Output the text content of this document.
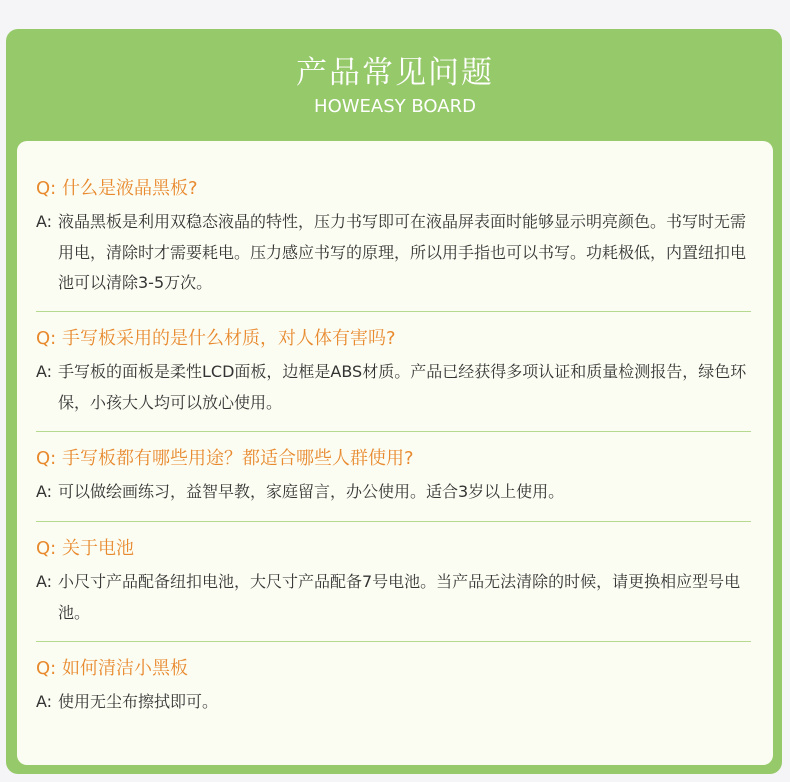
产品常见问题
HOWEASY BOARD
Q: 什么是液晶黑板?
A: 液晶黑板是利用双稳态液晶的特性，压力书写即可在液晶屏表面时能够显示明亮颜色。书写时无需用电，清除时才需要耗电。压力感应书写的原理，所以用手指也可以书写。功耗极低，内置纽扣电池可以清除3-5万次。
Q: 手写板采用的是什么材质，对人体有害吗?
A: 手写板的面板是柔性LCD面板，边框是ABS材质。产品已经获得多项认证和质量检测报告，绿色环保，小孩大人均可以放心使用。
Q: 手写板都有哪些用途？都适合哪些人群使用?
A: 可以做绘画练习，益智早教，家庭留言，办公使用。适合3岁以上使用。
Q: 关于电池
A: 小尺寸产品配备纽扣电池，大尺寸产品配备7号电池。当产品无法清除的时候，请更换相应型号电池。
Q: 如何清洁小黑板
A: 使用无尘布擦拭即可。
